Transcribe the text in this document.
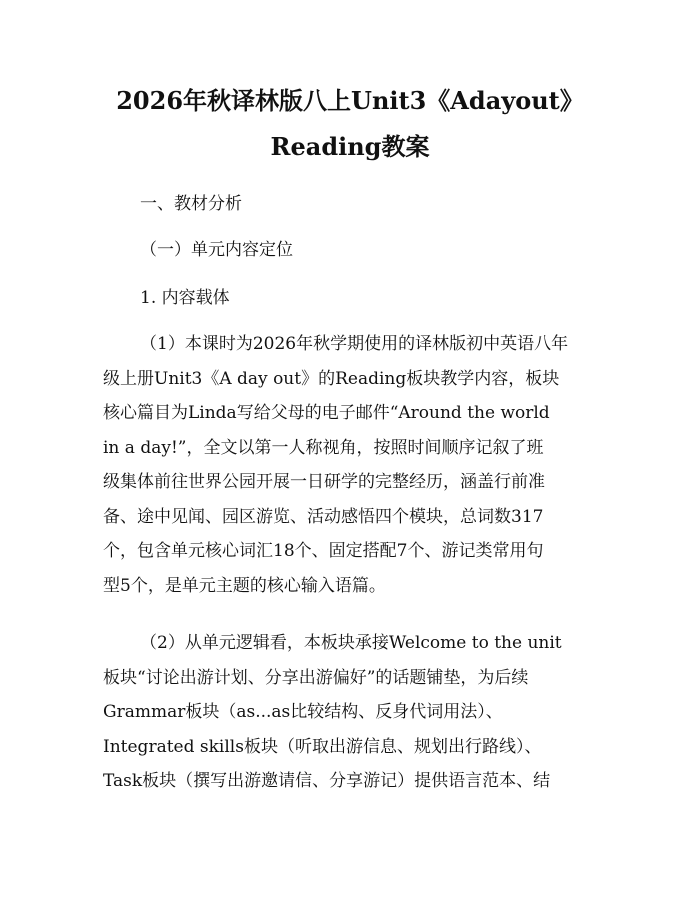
2026年秋译林版八上Unit3《Adayout》
Reading教案
一、教材分析
（一）单元内容定位
1. 内容载体
（1）本课时为2026年秋学期使用的译林版初中英语八年
级上册Unit3《A day out》的Reading板块教学内容，板块
核心篇目为Linda写给父母的电子邮件“Around the world
in a day!”，全文以第一人称视角，按照时间顺序记叙了班
级集体前往世界公园开展一日研学的完整经历，涵盖行前准
备、途中见闻、园区游览、活动感悟四个模块，总词数317
个，包含单元核心词汇18个、固定搭配7个、游记类常用句
型5个，是单元主题的核心输入语篇。
（2）从单元逻辑看，本板块承接Welcome to the unit
板块“讨论出游计划、分享出游偏好”的话题铺垫，为后续
Grammar板块（as...as比较结构、反身代词用法）、
Integrated skills板块（听取出游信息、规划出行路线）、
Task板块（撰写出游邀请信、分享游记）提供语言范本、结
